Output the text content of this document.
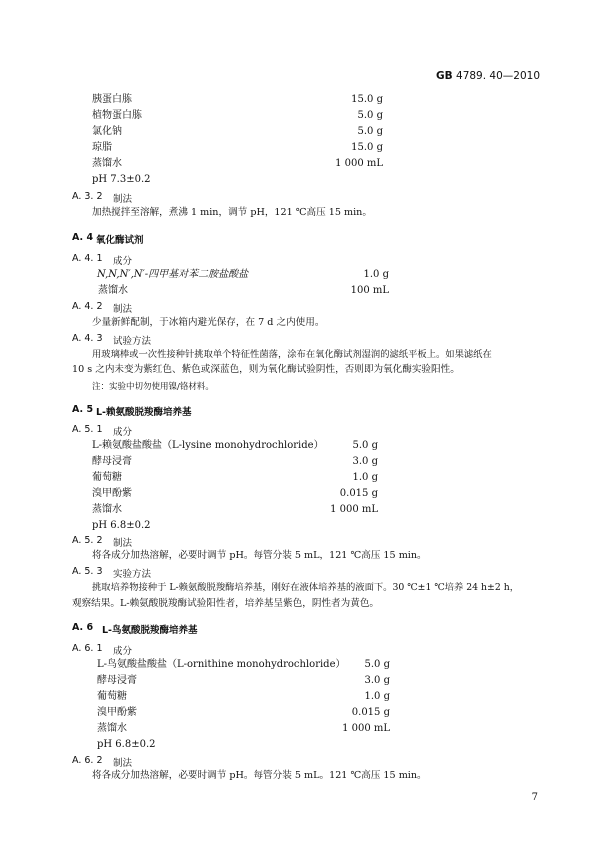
GB 4789. 40—2010
胰蛋白胨	15.0 g
植物蛋白胨	5.0 g
氯化钠	5.0 g
琼脂	15.0 g
蒸馏水	1 000 mL
pH 7.3±0.2
A. 3. 2 制法
加热搅拌至溶解，煮沸 1 min，调节 pH，121 ℃高压 15 min。
A. 4 氧化酶试剂
A. 4. 1 成分
N,N,N′,N′-四甲基对苯二胺盐酸盐	1.0 g
蒸馏水	100 mL
A. 4. 2 制法
少量新鲜配制，于冰箱内避光保存，在 7 d 之内使用。
A. 4. 3 试验方法
用玻璃棒或一次性接种针挑取单个特征性菌落，涂布在氧化酶试剂湿润的滤纸平板上。如果滤纸在
10 s 之内未变为紫红色、紫色或深蓝色，则为氧化酶试验阴性，否则即为氧化酶实验阳性。
注：实验中切勿使用镍/铬材料。
A. 5 L-赖氨酸脱羧酶培养基
A. 5. 1 成分
L-赖氨酸盐酸盐（L-lysine monohydrochloride）	5.0 g
酵母浸膏	3.0 g
葡萄糖	1.0 g
溴甲酚紫	0.015 g
蒸馏水	1 000 mL
pH 6.8±0.2
A. 5. 2 制法
将各成分加热溶解，必要时调节 pH。每管分装 5 mL，121 ℃高压 15 min。
A. 5. 3 实验方法
挑取培养物接种于 L-赖氨酸脱羧酶培养基，刚好在液体培养基的液面下。30 ℃±1 ℃培养 24 h±2 h，
观察结果。L-赖氨酸脱羧酶试验阳性者，培养基呈紫色，阴性者为黄色。
A. 6 L-鸟氨酸脱羧酶培养基
A. 6. 1 成分
L-鸟氨酸盐酸盐（L-ornithine monohydrochloride） 5.0 g
酵母浸膏	3.0 g
葡萄糖	1.0 g
溴甲酚紫	0.015 g
蒸馏水	1 000 mL
pH 6.8±0.2
A. 6. 2 制法
将各成分加热溶解，必要时调节 pH。每管分装 5 mL。121 ℃高压 15 min。
7
